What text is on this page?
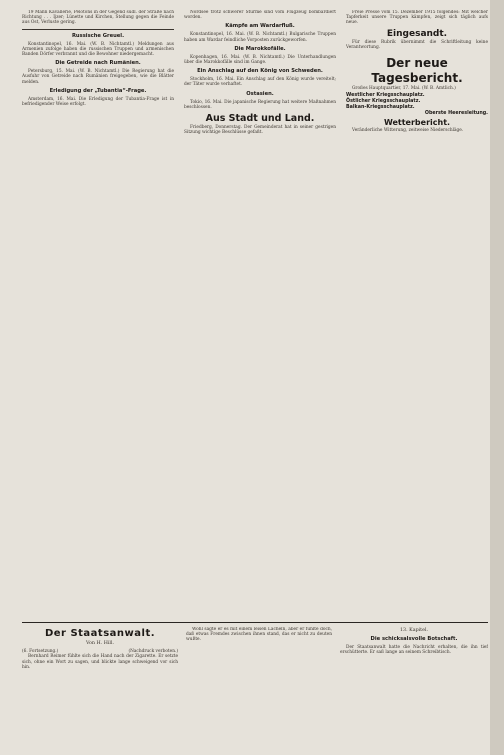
19 Mann Kavallerie, Pelotons in der Gegend südl. der Straße nach Richtung . . . Ijzer; Lünette und Kirchen, Stellung gegen die Feinde aus Ost, Verluste gering.

Russische Greuel.

Konstantinopel, 16. Mai. (W. B. Nichtamtl.) Meldungen aus Armenien zufolge haben die russischen Truppen und armenischen Banden Dörfer verbrannt und die Bewohner niedergemacht.

Die Getreide nach Rumänien.

Petersburg, 15. Mai. (W. B. Nichtamtl.) Die Regierung hat die Ausfuhr von Getreide nach Rumänien freigegeben, wie die Blätter melden.

Erledigung der „Tubantia“-Frage.

Amsterdam, 16. Mai. Die Erledigung der Tubantia-Frage ist in befriedigender Weise erfolgt.

Nordsee trotz schwerer Stürme sind vom Flugzeug bombardiert worden.

Kämpfe am Wardarfluß.

Konstantinopel, 16. Mai. (W. B. Nichtamtl.) Bulgarische Truppen haben am Wardar feindliche Vorposten zurückgeworfen.

Die Marokkofälle.

Kopenhagen, 16. Mai. (W. B. Nichtamtl.) Die Unterhandlungen über die Marokkofälle sind im Gange.

Ein Anschlag auf den König von Schweden.

Stockholm, 16. Mai. Ein Anschlag auf den König wurde vereitelt; der Täter wurde verhaftet.

Ostasien.

Tokio, 16. Mai. Die japanische Regierung hat weitere Maßnahmen beschlossen.

Aus Stadt und Land.

Friedberg, Donnerstag. Der Gemeinderat hat in seiner gestrigen Sitzung wichtige Beschlüsse gefaßt.

Freie Presse vom 15. Dezember 1915 folgendes: Mit welcher Tapferkeit unsere Truppen kämpfen, zeigt sich täglich aufs neue.

Eingesandt.

Für diese Rubrik übernimmt die Schriftleitung keine Verantwortung.

Der neue Tagesbericht.

Großes Hauptquartier, 17. Mai. (W. B. Amtlich.)

Westlicher Kriegsschauplatz.
Östlicher Kriegsschauplatz.
Balkan-Kriegsschauplatz.
Oberste Heeresleitung.
Wetterbericht.

Veränderliche Witterung, zeitweise Niederschläge.

Der Staatsanwalt.
Von H. Hill.
(6. Fortsetzung.)	(Nachdruck verboten.)

Bernhard Reimer fühlte sich die Hand nach der Zigarette. Er setzte sich, ohne ein Wort zu sagen, und blickte lange schweigend vor sich hin.

Wohl sagte er es mit einem leisen Lächeln, aber er fühlte doch, daß etwas Fremdes zwischen ihnen stand, das er nicht zu deuten wußte.

13. Kapitel.
Die schicksalsvolle Botschaft.

Der Staatsanwalt hatte die Nachricht erhalten, die ihn tief erschütterte. Er saß lange an seinem Schreibtisch.
